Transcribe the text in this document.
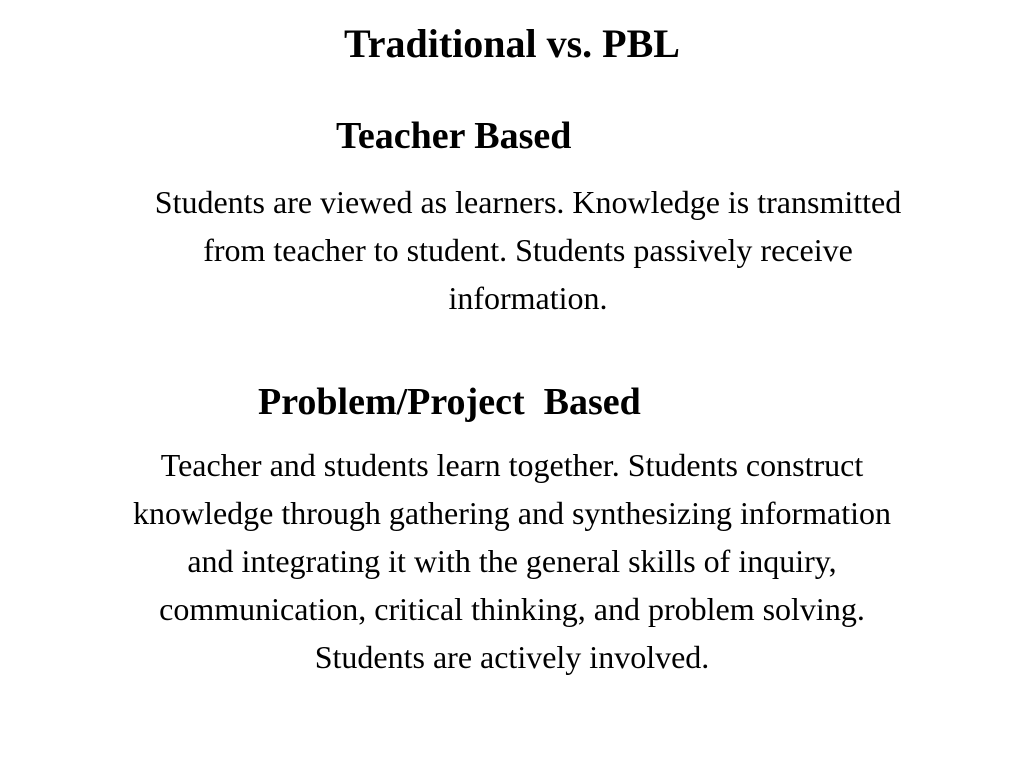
Traditional vs. PBL
Teacher Based
Students are viewed as learners. Knowledge is transmitted
from teacher to student. Students passively receive
information.
Problem/Project  Based
Teacher and students learn together. Students construct
knowledge through gathering and synthesizing information
and integrating it with the general skills of inquiry,
communication, critical thinking, and problem solving.
Students are actively involved.
